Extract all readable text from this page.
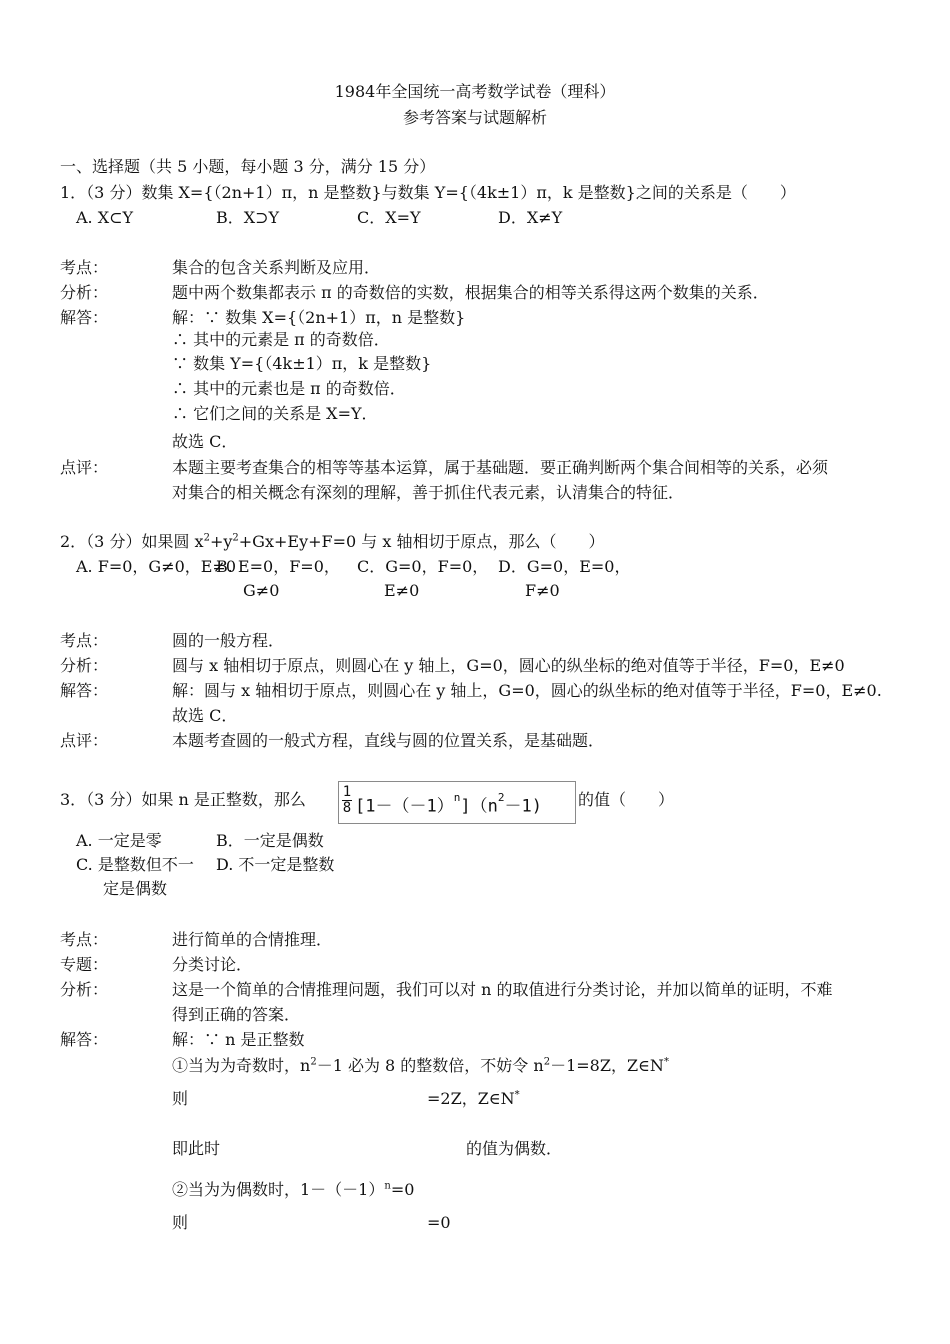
1984年全国统一高考数学试卷（理科）
参考答案与试题解析
一、选择题（共 5 小题，每小题 3 分，满分 15 分）
1．（3 分）数集 X={（2n+1）π，n 是整数}与数集 Y={（4k±1）π，k 是整数}之间的关系是（　　）
A. X⊂Y	B．X⊃Y	C．X=Y	D．X≠Y
考点：	集合的包含关系判断及应用．
分析：	题中两个数集都表示 π 的奇数倍的实数，根据集合的相等关系得这两个数集的关系．
解答：	解：∵ 数集 X={（2n+1）π，n 是整数}
∴ 其中的元素是 π 的奇数倍．
∵ 数集 Y={（4k±1）π，k 是整数}
∴ 其中的元素也是 π 的奇数倍．
∴ 它们之间的关系是 X=Y．
故选 C．
点评：	本题主要考查集合的相等等基本运算，属于基础题．要正确判断两个集合间相等的关系，必须
对集合的相关概念有深刻的理解，善于抓住代表元素，认清集合的特征．
2．（3 分）如果圆 $x^2+y^2+Gx+Ey+F=0$ 与 x 轴相切于原点，那么（　　）
A. F=0，G≠0，E≠0
B. E=0，F=0，
G≠0
C．G=0，F=0，
E≠0
D．G=0，E=0，
F≠0
考点：	圆的一般方程．
分析：	圆与 x 轴相切于原点，则圆心在 y 轴上，G=0，圆心的纵坐标的绝对值等于半径，F=0，E≠0
解答：	解：圆与 x 轴相切于原点，则圆心在 y 轴上，G=0，圆心的纵坐标的绝对值等于半径，F=0，E≠0.
故选 C．
点评：	本题考查圆的一般式方程，直线与圆的位置关系，是基础题．
3．（3 分）如果 n 是正整数，那么	1
8 $[1-(-1)^n](n^2-1)$ 的值（　　）
A. 一定是零	B．一定是偶数
C. 是整数但不一
定是偶数
D. 不一定是整数
考点：	进行简单的合情推理．
专题：	分类讨论．
分析：	这是一个简单的合情推理问题，我们可以对 n 的取值进行分类讨论，并加以简单的证明，不难
得到正确的答案．
解答：	解：∵ n 是正整数
①当为为奇数时，$n^2-1$ 必为 8 的整数倍，不妨令 $n^2-1=8Z$，Z∈N*
则	=2Z，Z∈N*
即此时	的值为偶数．
②当为为偶数时，$1-(-1)^n=0$
则	=0
